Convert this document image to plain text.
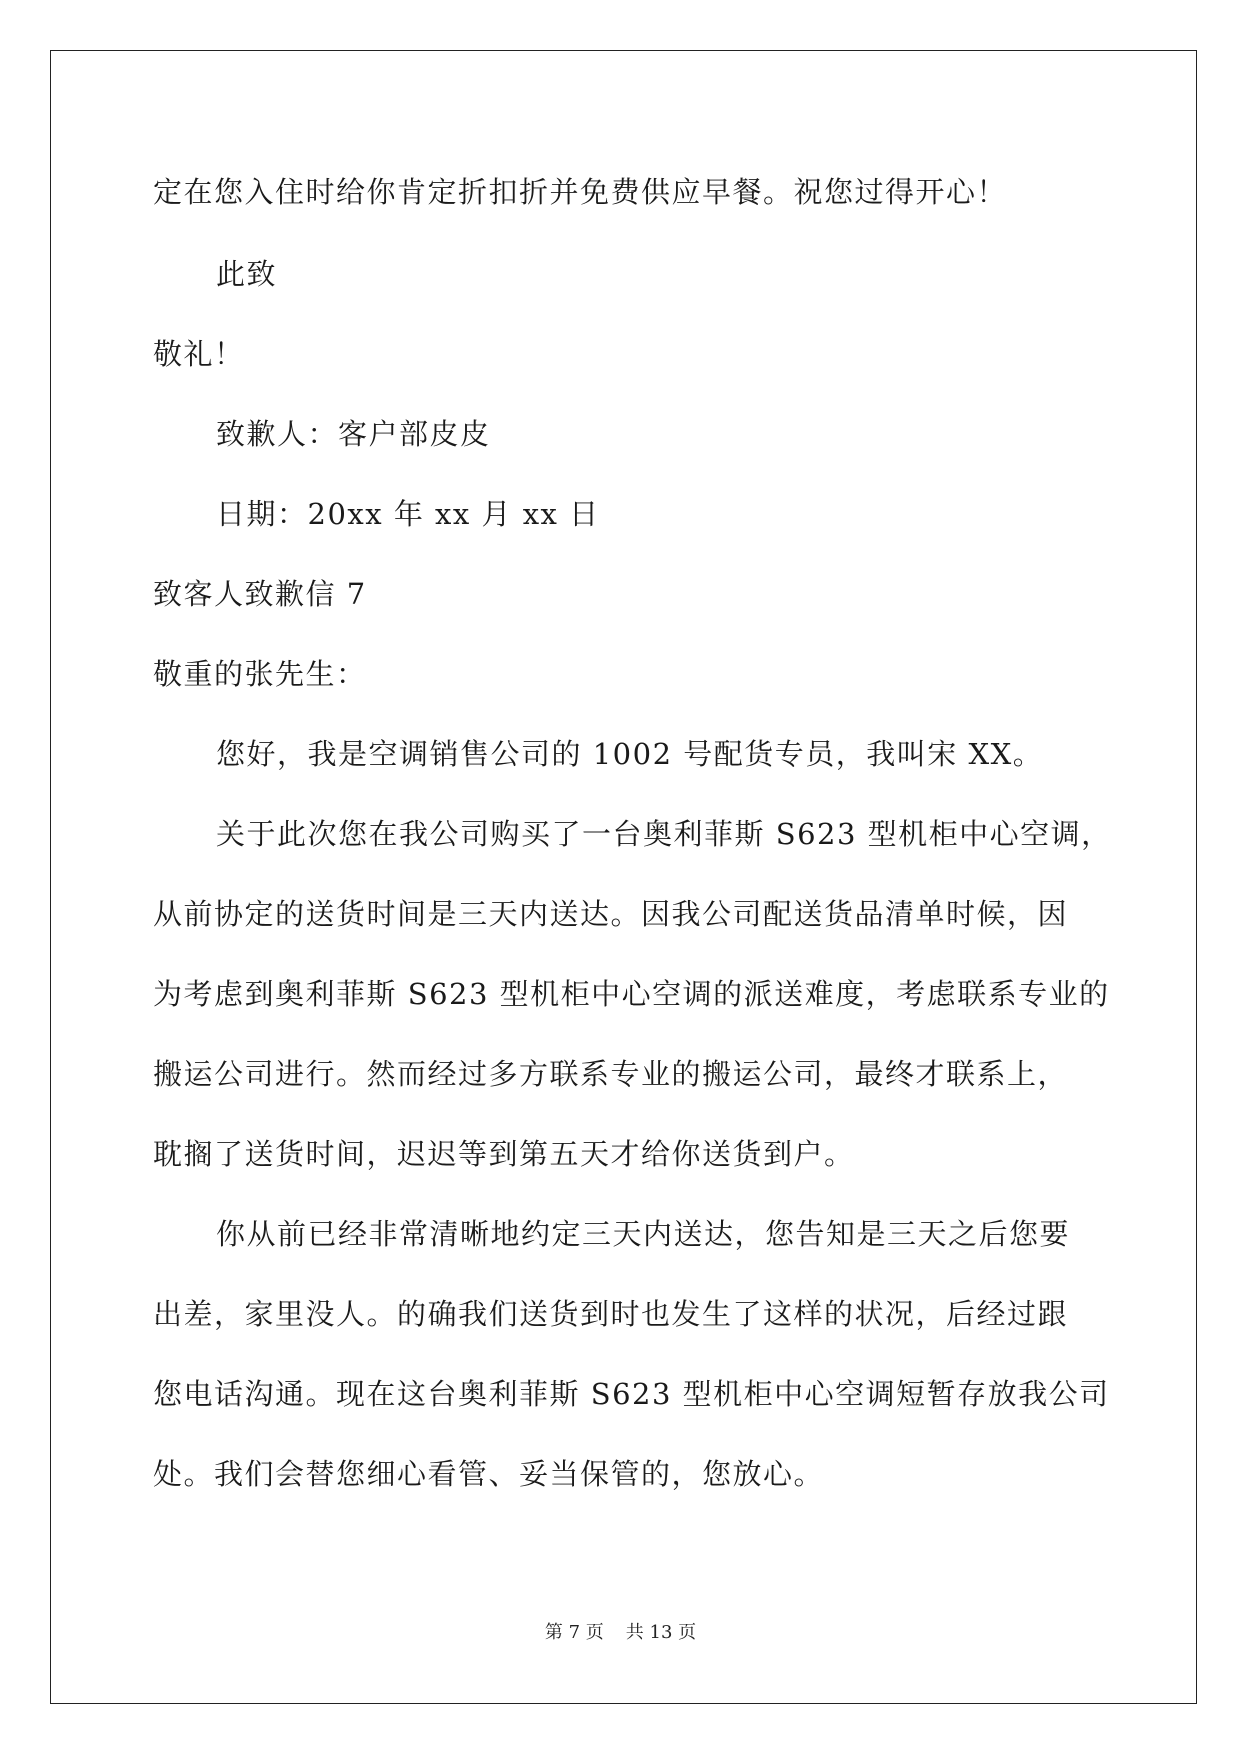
定在您入住时给你肯定折扣折并免费供应早餐。祝您过得开心！
此致
敬礼！
致歉人：客户部皮皮
日期：20xx 年 xx 月 xx 日
致客人致歉信 7
敬重的张先生：
您好，我是空调销售公司的 1002 号配货专员，我叫宋 XX。
关于此次您在我公司购买了一台奥利菲斯 S623 型机柜中心空调，
从前协定的送货时间是三天内送达。因我公司配送货品清单时候，因
为考虑到奥利菲斯 S623 型机柜中心空调的派送难度，考虑联系专业的
搬运公司进行。然而经过多方联系专业的搬运公司，最终才联系上，
耽搁了送货时间，迟迟等到第五天才给你送货到户。
你从前已经非常清晰地约定三天内送达，您告知是三天之后您要
出差，家里没人。的确我们送货到时也发生了这样的状况，后经过跟
您电话沟通。现在这台奥利菲斯 S623 型机柜中心空调短暂存放我公司
处。我们会替您细心看管、妥当保管的，您放心。
第 7 页 共 13 页
